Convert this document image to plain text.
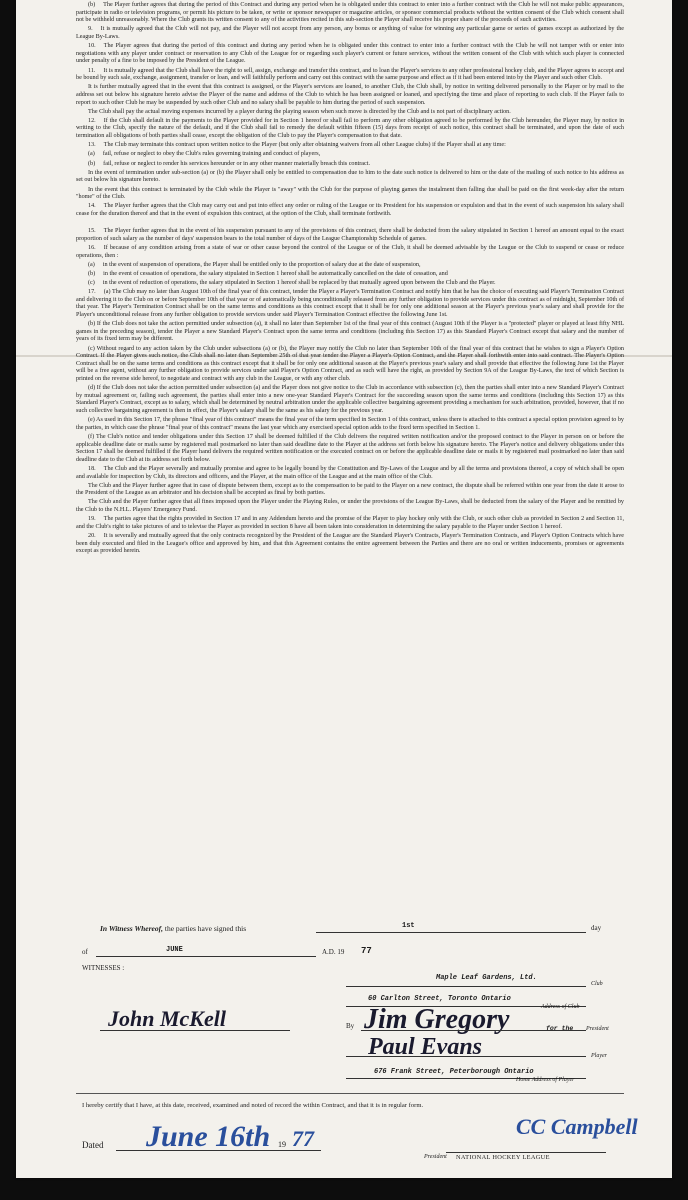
(b) The Player further agrees that during the period of this Contract and during any period when he is obligated under this contract to enter into a further contract with the Club he will not make public appearances, participate in radio or television programs, or permit his picture to be taken, or write or sponsor newspaper or magazine articles, or sponsor commercial products without the written consent of the Club which consent shall not be withheld unreasonably. Where the Club grants its written consent to any of the activities recited in this sub-section the Player shall receive his proper share of the proceeds of such activities.

9. It is mutually agreed that the Club will not pay, and the Player will not accept from any person, any bonus or anything of value for winning any particular game or series of games except as authorized by the League By-Laws.

10. The Player agrees that during the period of this contract and during any period when he is obligated under this contract to enter into a further contract with the Club he will not tamper with or enter into negotiations with any player under contract or reservation to any Club of the League for or regarding such player's current or future services, without the written consent of the Club with which such player is connected under penalty of a fine to be imposed by the President of the League.

11. It is mutually agreed that the Club shall have the right to sell, assign, exchange and transfer this contract, and to loan the Player's services to any other professional hockey club, and the Player agrees to accept and be bound by such sale, exchange, assignment, transfer or loan, and will faithfully perform and carry out this contract with the same purpose and effect as if it had been entered into by the Player and such other Club.

It is further mutually agreed that in the event that this contract is assigned, or the Player's services are loaned, to another Club, the Club shall, by notice in writing delivered personally to the Player or by mail to the address set out below his signature hereto advise the Player of the name and address of the Club to which he has been assigned or loaned, and specifying the time and place of reporting to such club. If the Player fails to report to such other Club he may be suspended by such other Club and no salary shall be payable to him during the period of such suspension.

The Club shall pay the actual moving expenses incurred by a player during the playing season when such move is directed by the Club and is not part of disciplinary action.

12. If the Club shall default in the payments to the Player provided for in Section 1 hereof or shall fail to perform any other obligation agreed to be performed by the Club hereunder, the Player may, by notice in writing to the Club, specify the nature of the default, and if the Club shall fail to remedy the default within fifteen (15) days from receipt of such notice, this contract shall be terminated, and upon the date of such termination all obligations of both parties shall cease, except the obligation of the Club to pay the Player's compensation to that date.

13. The Club may terminate this contract upon written notice to the Player (but only after obtaining waivers from all other League clubs) if the Player shall at any time:

(a) fail, refuse or neglect to obey the Club's rules governing training and conduct of players,

(b) fail, refuse or neglect to render his services hereunder or in any other manner materially breach this contract.

In the event of termination under sub-section (a) or (b) the Player shall only be entitled to compensation due to him to the date such notice is delivered to him or the date of the mailing of such notice to his address as set out below his signature hereto.

In the event that this contract is terminated by the Club while the Player is "away" with the Club for the purpose of playing games the instalment then falling due shall be paid on the first week-day after the return "home" of the Club.

14. The Player further agrees that the Club may carry out and put into effect any order or ruling of the League or its President for his suspension or expulsion and that in the event of such suspension his salary shall cease for the duration thereof and that in the event of expulsion this contract, at the option of the Club, shall terminate forthwith.

15. The Player further agrees that in the event of his suspension pursuant to any of the provisions of this contract, there shall be deducted from the salary stipulated in Section 1 hereof an amount equal to the exact proportion of such salary as the number of days' suspension bears to the total number of days of the League Championship Schedule of games.

16. If because of any condition arising from a state of war or other cause beyond the control of the League or of the Club, it shall be deemed advisable by the League or the Club to suspend or cease or reduce operations, then :

(a) in the event of suspension of operations, the Player shall be entitled only to the proportion of salary due at the date of suspension,

(b) in the event of cessation of operations, the salary stipulated in Section 1 hereof shall be automatically cancelled on the date of cessation, and

(c) in the event of reduction of operations, the salary stipulated in Section 1 hereof shall be replaced by that mutually agreed upon between the Club and the Player.

17. (a) The Club may no later than August 10th of the final year of this contract, tender the Player a Player's Termination Contract and notify him that he has the choice of executing said Player's Termination Contract and delivering it to the Club on or before September 10th of that year or of automatically being unconditionally released from any further obligation to provide services under this contract as of midnight, September 10th of that year. The Player's Termination Contract shall be on the same terms and conditions as this contract except that it shall be for only one additional season at the Player's previous year's salary and shall provide for the Player's unconditional release from any further obligation to provide services under said Player's Termination Contract effective the following June 1st.

(b) If the Club does not take the action permitted under subsection (a), it shall no later than September 1st of the final year of this contract (August 10th if the Player is a "protected" player or played at least fifty NHL games in the preceding season), tender the Player a new Standard Player's Contract upon the same terms and conditions (including this Section 17) as this Standard Player's Contract except that salary and the number of years of its fixed term may be different.

(c) Without regard to any action taken by the Club under subsections (a) or (b), the Player may notify the Club no later than September 10th of the final year of this contract that he wishes to sign a Player's Option Contract. If the Player gives such notice, the Club shall no later than September 25th of that year tender the Player a Player's Option Contract, and the Player shall forthwith enter into said contract. The Player's Option Contract shall be on the same terms and conditions as this contract except that it shall be for only one additional season at the Player's previous year's salary and shall provide that effective the following June 1st the Player will be a free agent, without any further obligation to provide services under said Player's Option Contract, and as such will have the right, as provided by Section 9A of the League By-Laws, the text of which Section is printed on the reverse side hereof, to negotiate and contract with any club in the League, or with any other club.

(d) If the Club does not take the action permitted under subsection (a) and the Player does not give notice to the Club in accordance with subsection (c), then the parties shall enter into a new Standard Player's Contract by mutual agreement or, failing such agreement, the parties shall enter into a new one-year Standard Player's Contract for the succeeding season upon the same terms and conditions (including this Section 17) as this Standard Player's Contract, except as to salary, which shall be determined by neutral arbitration under the applicable collective bargaining agreement providing a mechanism for such arbitration, provided, however, that if no such collective bargaining agreement is then in effect, the Player's salary shall be the same as his salary for the previous year.

(e) As used in this Section 17, the phrase "final year of this contract" means the final year of the term specified in Section 1 of this contract, unless there is attached to this contract a special option provision agreed to by the parties, in which case the phrase "final year of this contract" means the last year which any exercised special option adds to the fixed term specified in Section 1.

(f) The Club's notice and tender obligations under this Section 17 shall be deemed fulfilled if the Club delivers the required written notification and/or the proposed contract to the Player in person on or before the applicable deadline date or mails same by registered mail postmarked no later than said deadline date to the Player at the address set forth below his signature hereto. The Player's notice and delivery obligations under this Section 17 shall be deemed fulfilled if the Player hand delivers the required written notification or the executed contract on or before the applicable deadline date or mails it by registered mail postmarked no later than said deadline date to the Club at its address set forth below.

18. The Club and the Player severally and mutually promise and agree to be legally bound by the Constitution and By-Laws of the League and by all the terms and provisions thereof, a copy of which shall be open and available for inspection by Club, its directors and officers, and the Player, at the main office of the League and at the main office of the Club.

The Club and the Player further agree that in case of dispute between them, except as to the compensation to be paid to the Player on a new contract, the dispute shall be referred within one year from the date it arose to the President of the League as an arbitrator and his decision shall be accepted as final by both parties.

The Club and the Player further agree that all fines imposed upon the Player under the Playing Rules, or under the provisions of the League By-Laws, shall be deducted from the salary of the Player and be remitted by the Club to the N.H.L. Players' Emergency Fund.

19. The parties agree that the rights provided in Section 17 and in any Addendum hereto and the promise of the Player to play hockey only with the Club, or such other club as provided in Section 2 and Section 11, and the Club's right to take pictures of and to televise the Player as provided in section 8 have all been taken into consideration in determining the salary payable to the Player under Section 1 hereof.

20. It is severally and mutually agreed that the only contracts recognized by the President of the League are the Standard Player's Contracts, Player's Termination Contracts, and Player's Option Contracts which have been duly executed and filed in the League's office and approved by him, and that this Agreement contains the entire agreement between the Parties and there are no oral or written inducements, promises or agreements except as provided herein.

In Witness Whereof, the parties have signed this	1st	day
of	JUNE	A.D. 19 77
WITNESSES :
Maple Leaf Gardens, Ltd.
Club
60 Carlton Street, Toronto Ontario
Address of Club
John McKell	By Jim Gregory	for the President
Paul Evans	Player
676 Frank Street, Peterborough Ontario
Home Address of Player
I hereby certify that I have, at this date, received, examined and noted of record the within Contract, and that it is in regular form.
Dated June 16th 19 77	CC Campbell
President NATIONAL HOCKEY LEAGUE
